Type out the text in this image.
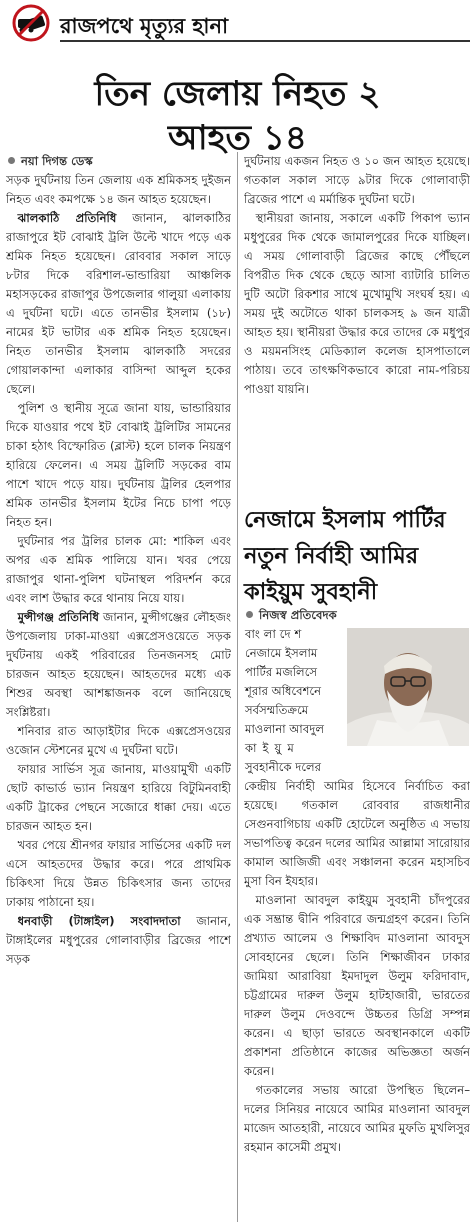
রাজপথে মৃত্যুর হানা
তিন জেলায় নিহত ২
আহত ১৪

নয়া দিগন্ত ডেস্ক

সড়ক দুর্ঘটনায় তিন জেলায় এক শ্রমিকসহ দুইজন নিহত এবং কমপক্ষে ১৪ জন আহত হয়েছেন।

 ঝালকাঠি প্রতিনিধি জানান, ঝালকাঠির রাজাপুরে ইট বোঝাই ট্রলি উল্টে খাদে পড়ে এক শ্রমিক নিহত হয়েছেন। রোববার সকাল সাড়ে ৮টার দিকে বরিশাল-ভান্ডারিয়া আঞ্চলিক মহাসড়কের রাজাপুর উপজেলার গালুয়া এলাকায় এ দুর্ঘটনা ঘটে। এতে তানভীর ইসলাম (১৮) নামের ইট ভাটার এক শ্রমিক নিহত হয়েছেন। নিহত তানভীর ইসলাম ঝালকাঠি সদরের গোয়ালকান্দা এলাকার বাসিন্দা আব্দুল হকের ছেলে।

 পুলিশ ও স্থানীয় সূত্রে জানা যায়, ভান্ডারিয়ার দিকে যাওয়ার পথে ইট বোঝাই ট্রলিটির সামনের চাকা হঠাৎ বিস্ফোরিত (ব্লাস্ট) হলে চালক নিয়ন্ত্রণ হারিয়ে ফেলেন। এ সময় ট্রলিটি সড়কের বাম পাশে খাদে পড়ে যায়। দুর্ঘটনায় ট্রলির হেলপার শ্রমিক তানভীর ইসলাম ইটের নিচে চাপা পড়ে নিহত হন।

 দুর্ঘটনার পর ট্রলির চালক মো: শাকিল এবং অপর এক শ্রমিক পালিয়ে যান। খবর পেয়ে রাজাপুর থানা-পুলিশ ঘটনাস্থল পরিদর্শন করে এবং লাশ উদ্ধার করে থানায় নিয়ে যায়।

 মুন্সীগঞ্জ প্রতিনিধি জানান, মুন্সীগঞ্জের লৌহজং উপজেলায় ঢাকা-মাওয়া এক্সপ্রেসওয়েতে সড়ক দুর্ঘটনায় একই পরিবারের তিনজনসহ মোট চারজন আহত হয়েছেন। আহতদের মধ্যে এক শিশুর অবস্থা আশঙ্কাজনক বলে জানিয়েছে সংশ্লিষ্টরা।

 শনিবার রাত আড়াইটার দিকে এক্সপ্রেসওয়ের ওজোন স্টেশনের মুখে এ দুর্ঘটনা ঘটে।

 ফায়ার সার্ভিস সূত্র জানায়, মাওয়ামুখী একটি ছোট কাভার্ড ভ্যান নিয়ন্ত্রণ হারিয়ে বিটুমিনবাহী একটি ট্রাকের পেছনে সজোরে ধাক্কা দেয়। এতে চারজন আহত হন।

 খবর পেয়ে শ্রীনগর ফায়ার সার্ভিসের একটি দল এসে আহতদের উদ্ধার করে। পরে প্রাথমিক চিকিৎসা দিয়ে উন্নত চিকিৎসার জন্য তাদের ঢাকায় পাঠানো হয়।

 ধনবাড়ী (টাঙ্গাইল) সংবাদদাতা জানান, টাঙ্গাইলের মধুপুরের গোলাবাড়ীর ব্রিজের পাশে সড়ক

দুর্ঘটনায় একজন নিহত ও ১০ জন আহত হয়েছে। গতকাল সকাল সাড়ে ৯টার দিকে গোলাবাড়ী ব্রিজের পাশে এ মর্মান্তিক দুর্ঘটনা ঘটে।

 স্থানীয়রা জানায়, সকালে একটি পিকাপ ভ্যান মধুপুরের দিক থেকে জামালপুরের দিকে যাচ্ছিল। এ সময় গোলাবাড়ী ব্রিজের কাছে পৌঁছলে বিপরীত দিক থেকে ছেড়ে আসা ব্যাটারি চালিত দুটি অটো রিকশার সাথে মুখোমুখি সংঘর্ষ হয়। এ সময় দুই অটোতে থাকা চালকসহ ৯ জন যাত্রী আহত হয়। স্থানীয়রা উদ্ধার করে তাদের কে মধুপুর ও ময়মনসিংহ মেডিক্যাল কলেজ হাসপাতালে পাঠায়। তবে তাৎক্ষণিকভাবে কারো নাম-পরিচয় পাওয়া যায়নি।

নেজামে ইসলাম পার্টির
নতুন নির্বাহী আমির
কাইয়ুম সুবহানী

নিজস্ব প্রতিবেদক

বাংলাদেশ

নেজামে ইসলাম

পার্টির মজলিসে

শূরার অধিবেশনে

সর্বসম্মতিক্রমে

মাওলানা আবদুল

কাইয়ুম

সুবহানীকে দলের

কেন্দ্রীয় নির্বাহী আমির হিসেবে নির্বাচিত করা হয়েছে। গতকাল রোববার রাজধানীর সেগুনবাগিচায় একটি হোটেলে অনুষ্ঠিত এ সভায় সভাপতিত্ব করেন দলের আমির আল্লামা সারোয়ার কামাল আজিজী এবং সঞ্চালনা করেন মহাসচিব মুসা বিন ইযহার।

 মাওলানা আবদুল কাইয়ুম সুবহানী চাঁদপুরের এক সম্ভ্রান্ত দ্বীনি পরিবারে জন্মগ্রহণ করেন। তিনি প্রখ্যাত আলেম ও শিক্ষাবিদ মাওলানা আবদুস সোবহানের ছেলে। তিনি শিক্ষাজীবন ঢাকার জামিয়া আরাবিয়া ইমদাদুল উলুম ফরিদাবাদ, চট্টগ্রামের দারুল উলুম হাটহাজারী, ভারতের দারুল উলুম দেওবন্দে উচ্চতর ডিগ্রি সম্পন্ন করেন। এ ছাড়া ভারতে অবস্থানকালে একটি প্রকাশনা প্রতিষ্ঠানে কাজের অভিজ্ঞতা অর্জন করেন।

 গতকালের সভায় আরো উপস্থিত ছিলেন– দলের সিনিয়র নায়েবে আমির মাওলানা আবদুল মাজেদ আতহারী, নায়েবে আমির মুফতি মুখলিসুর রহমান কাসেমী প্রমুখ।
